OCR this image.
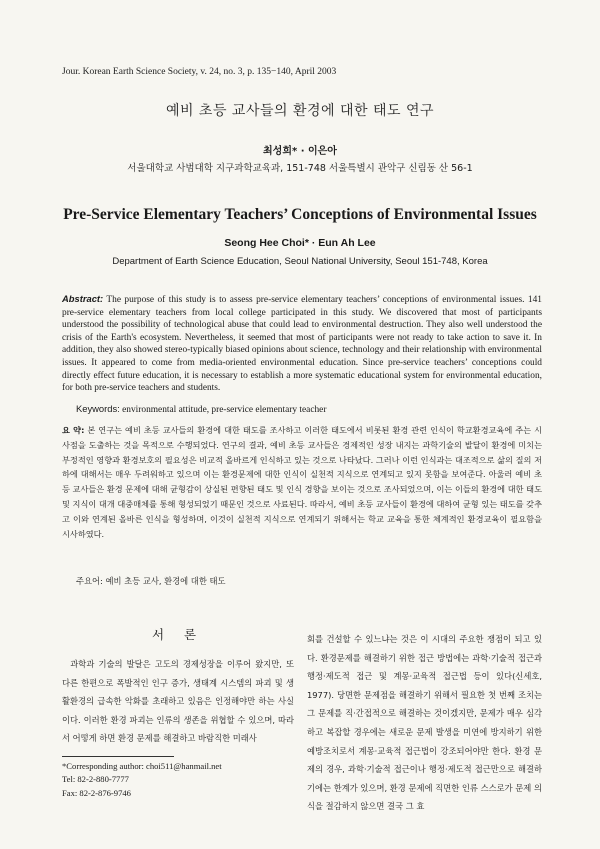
Jour. Korean Earth Science Society, v. 24, no. 3, p. 135−140, April 2003
예비 초등 교사들의 환경에 대한 태도 연구
최성희* · 이은아
서울대학교 사범대학 지구과학교육과, 151-748 서울특별시 관악구 신림동 산 56-1
Pre-Service Elementary Teachers’ Conceptions of Environmental Issues
Seong Hee Choi* · Eun Ah Lee
Department of Earth Science Education, Seoul National University, Seoul 151-748, Korea
Abstract: The purpose of this study is to assess pre-service elementary teachers’ conceptions of environmental issues. 141 pre-service elementary teachers from local college participated in this study. We discovered that most of participants understood the possibility of technological abuse that could lead to environmental destruction. They also well understood the crisis of the Earth's ecosystem. Nevertheless, it seemed that most of participants were not ready to take action to save it. In addition, they also showed stereo-typically biased opinions about science, technology and their relationship with environmental issues. It appeared to come from media-oriented environmental education. Since pre-service teachers’ conceptions could directly effect future education, it is necessary to establish a more systematic educational system for environmental education, for both pre-service teachers and students.
Keywords: environmental attitude, pre-service elementary teacher
요 약: 본 연구는 예비 초등 교사들의 환경에 대한 태도를 조사하고 이러한 태도에서 비롯된 환경 관련 인식이 학교환경교육에 주는 시사점을 도출하는 것을 목적으로 수행되었다. 연구의 결과, 예비 초등 교사들은 경제적인 성장 내지는 과학기술의 발달이 환경에 미치는 부정적인 영향과 환경보호의 필요성은 비교적 올바르게 인식하고 있는 것으로 나타났다. 그러나 이런 인식과는 대조적으로 삶의 질의 저하에 대해서는 매우 두려워하고 있으며 이는 환경문제에 대한 인식이 실천적 지식으로 연계되고 있지 못함을 보여준다. 아울러 예비 초등 교사들은 환경 문제에 대해 균형감이 상실된 편향된 태도 및 인식 경향을 보이는 것으로 조사되었으며, 이는 이들의 환경에 대한 태도 및 지식이 대개 대중매체를 통해 형성되었기 때문인 것으로 사료된다. 따라서, 예비 초등 교사들이 환경에 대하여 균형 있는 태도를 갖추고 이와 연계된 올바른 인식을 형성하며, 이것이 실천적 지식으로 연계되기 위해서는 학교 교육을 통한 체계적인 환경교육이 필요함을 시사하였다.
주요어: 예비 초등 교사, 환경에 대한 태도
서 론
과학과 기술의 발달은 고도의 경제성장을 이루어 왔지만, 또 다른 한편으로 폭발적인 인구 증가, 생태계 시스템의 파괴 및 생활환경의 급속한 악화를 초래하고 있음은 인정해야만 하는 사실이다. 이러한 환경 파괴는 인류의 생존을 위협할 수 있으며, 따라서 어떻게 하면 환경 문제를 해결하고 바람직한 미래사
회를 건설할 수 있느냐는 것은 이 시대의 주요한 쟁점이 되고 있다. 환경문제를 해결하기 위한 접근 방법에는 과학·기술적 접근과 행정·제도적 접근 및 계몽·교육적 접근법 등이 있다(신세호, 1977). 당면한 문제점을 해결하기 위해서 필요한 첫 번째 조치는 그 문제를 직·간접적으로 해결하는 것이겠지만, 문제가 매우 심각하고 복잡할 경우에는 새로운 문제 발생을 미연에 방지하기 위한 예방조치로서 계몽·교육적 접근법이 강조되어야만 한다. 환경 문제의 경우, 과학·기술적 접근이나 행정·제도적 접근만으로 해결하기에는 한계가 있으며, 환경 문제에 직면한 인류 스스로가 문제 의식을 절감하지 않으면 결국 그 효
*Corresponding author: choi511@hanmail.net
Tel: 82-2-880-7777
Fax: 82-2-876-9746
